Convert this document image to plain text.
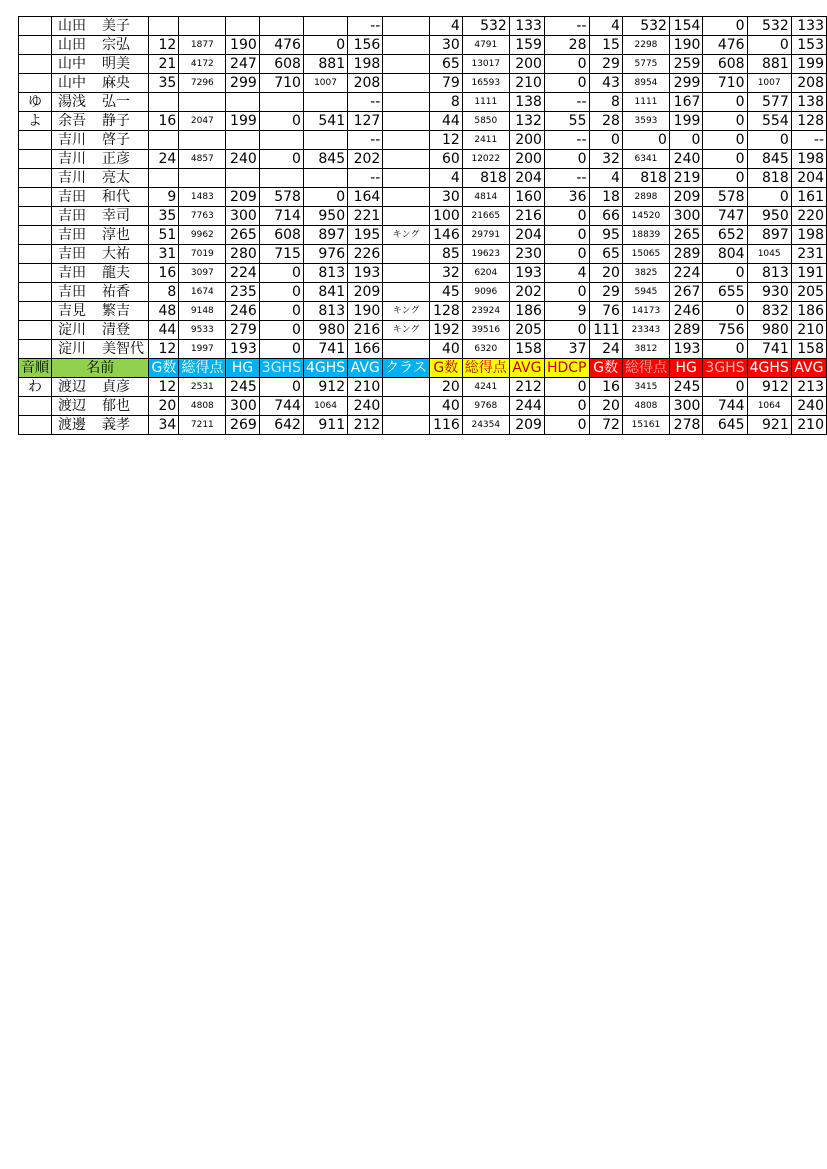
	山田 美子						--		4	532	133	--	4	532	154	0	532	133
	山田 宗弘	12	1877	190	476	0	156		30	4791	159	28	15	2298	190	476	0	153
	山中 明美	21	4172	247	608	881	198		65	13017	200	0	29	5775	259	608	881	199
	山中 麻央	35	7296	299	710	1007	208		79	16593	210	0	43	8954	299	710	1007	208
ゆ	湯浅 弘一						--		8	1111	138	--	8	1111	167	0	577	138
よ	余吾 静子	16	2047	199	0	541	127		44	5850	132	55	28	3593	199	0	554	128
	吉川 啓子						--		12	2411	200	--	0	0	0	0	0	--
	吉川 正彦	24	4857	240	0	845	202		60	12022	200	0	32	6341	240	0	845	198
	吉川 亮太						--		4	818	204	--	4	818	219	0	818	204
	吉田 和代	9	1483	209	578	0	164		30	4814	160	36	18	2898	209	578	0	161
	吉田 幸司	35	7763	300	714	950	221		100	21665	216	0	66	14520	300	747	950	220
	吉田 淳也	51	9962	265	608	897	195	キング	146	29791	204	0	95	18839	265	652	897	198
	吉田 大祐	31	7019	280	715	976	226		85	19623	230	0	65	15065	289	804	1045	231
	吉田 龍夫	16	3097	224	0	813	193		32	6204	193	4	20	3825	224	0	813	191
	吉田 祐香	8	1674	235	0	841	209		45	9096	202	0	29	5945	267	655	930	205
	吉見 繁吉	48	9148	246	0	813	190	キング	128	23924	186	9	76	14173	246	0	832	186
	淀川 清登	44	9533	279	0	980	216	キング	192	39516	205	0	111	23343	289	756	980	210
	淀川 美智代	12	1997	193	0	741	166		40	6320	158	37	24	3812	193	0	741	158
音順	名前	G数	総得点	HG	3GHS	4GHS	AVG	クラス	G数	総得点	AVG	HDCP	G数	総得点	HG	3GHS	4GHS	AVG
わ	渡辺 貞彦	12	2531	245	0	912	210		20	4241	212	0	16	3415	245	0	912	213
	渡辺 郁也	20	4808	300	744	1064	240		40	9768	244	0	20	4808	300	744	1064	240
	渡邊 義孝	34	7211	269	642	911	212		116	24354	209	0	72	15161	278	645	921	210
